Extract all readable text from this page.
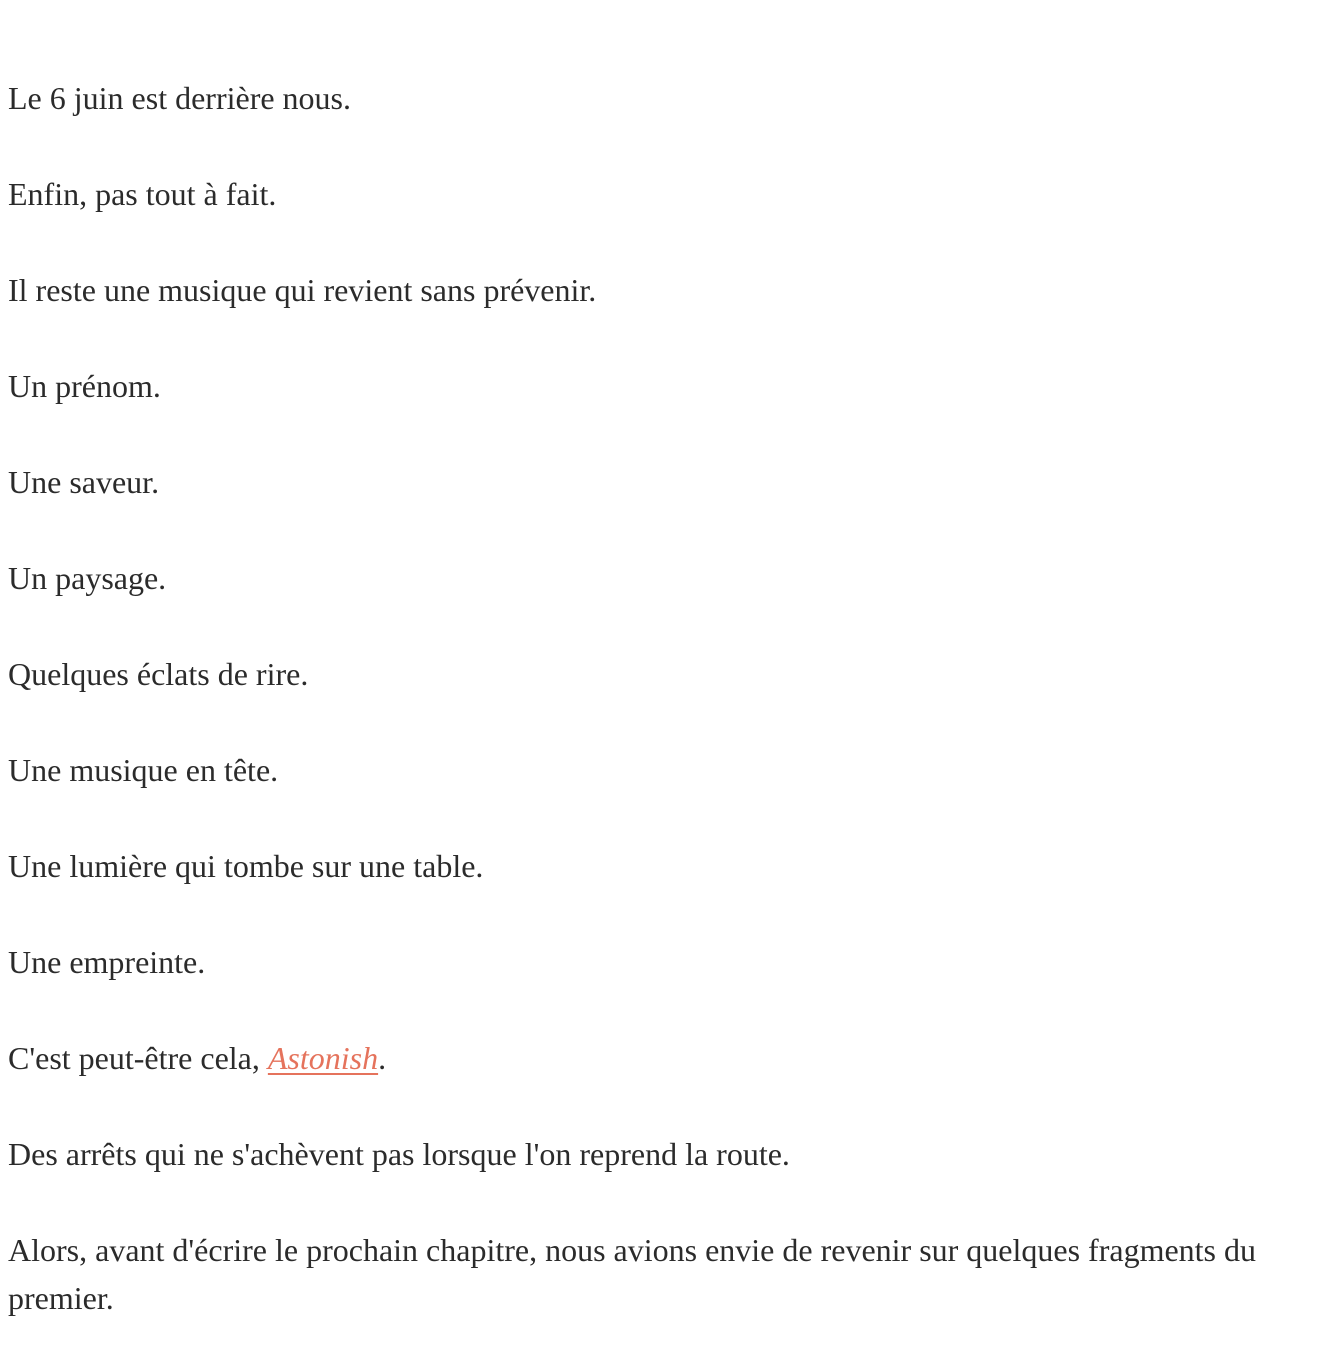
Le 6 juin est derrière nous.

Enfin, pas tout à fait.

Il reste une musique qui revient sans prévenir.

Un prénom.

Une saveur.

Un paysage.

Quelques éclats de rire.

Une musique en tête.

Une lumière qui tombe sur une table.

Une empreinte.

C'est peut-être cela, Astonish.

Des arrêts qui ne s'achèvent pas lorsque l'on reprend la route.

Alors, avant d'écrire le prochain chapitre, nous avions envie de revenir sur quelques fragments du premier.
